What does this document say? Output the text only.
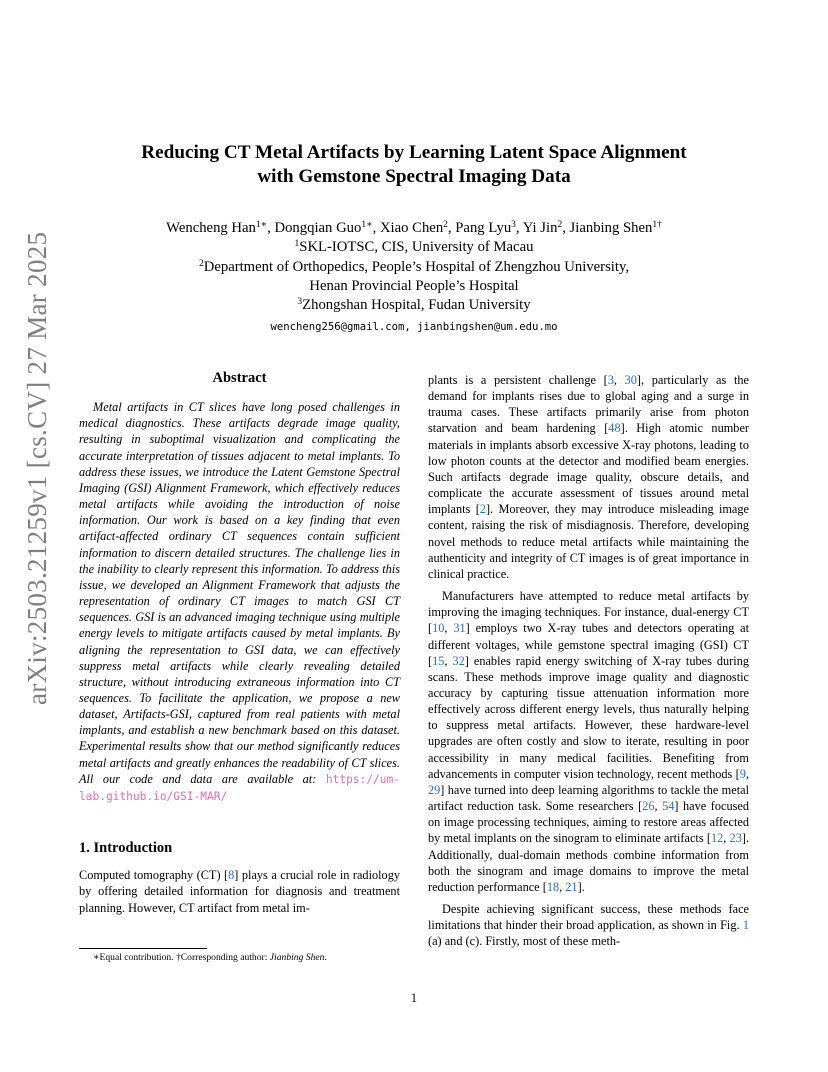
arXiv:2503.21259v1 [cs.CV] 27 Mar 2025
Reducing CT Metal Artifacts by Learning Latent Space Alignment
with Gemstone Spectral Imaging Data
Wencheng Han$^{1∗}$, Dongqian Guo$^{1∗}$, Xiao Chen$^2$, Pang Lyu$^3$, Yi Jin$^2$, Jianbing Shen$^{1\dagger}$
$^1$SKL-IOTSC, CIS, University of Macau
$^2$Department of Orthopedics, People’s Hospital of Zhengzhou University,
Henan Provincial People’s Hospital
$^3$Zhongshan Hospital, Fudan University
wencheng256@gmail.com, jianbingshen@um.edu.mo
Abstract

Metal artifacts in CT slices have long posed challenges in medical diagnostics. These artifacts degrade image quality, resulting in suboptimal visualization and complicating the accurate interpretation of tissues adjacent to metal implants. To address these issues, we introduce the Latent Gemstone Spectral Imaging (GSI) Alignment Framework, which effectively reduces metal artifacts while avoiding the introduction of noise information. Our work is based on a key finding that even artifact-affected ordinary CT sequences contain sufficient information to discern detailed structures. The challenge lies in the inability to clearly represent this information. To address this issue, we developed an Alignment Framework that adjusts the representation of ordinary CT images to match GSI CT sequences. GSI is an advanced imaging technique using multiple energy levels to mitigate artifacts caused by metal implants. By aligning the representation to GSI data, we can effectively suppress metal artifacts while clearly revealing detailed structure, without introducing extraneous information into CT sequences. To facilitate the application, we propose a new dataset, Artifacts-GSI, captured from real patients with metal implants, and establish a new benchmark based on this dataset. Experimental results show that our method significantly reduces metal artifacts and greatly enhances the readability of CT slices. All our code and data are available at: https://um-lab.github.io/GSI-MAR/

1. Introduction

Computed tomography (CT) [8] plays a crucial role in radiology by offering detailed information for diagnosis and treatment planning. However, CT artifact from metal im-

plants is a persistent challenge [3, 30], particularly as the demand for implants rises due to global aging and a surge in trauma cases. These artifacts primarily arise from photon starvation and beam hardening [48]. High atomic number materials in implants absorb excessive X-ray photons, leading to low photon counts at the detector and modified beam energies. Such artifacts degrade image quality, obscure details, and complicate the accurate assessment of tissues around metal implants [2]. Moreover, they may introduce misleading image content, raising the risk of misdiagnosis. Therefore, developing novel methods to reduce metal artifacts while maintaining the authenticity and integrity of CT images is of great importance in clinical practice.

Manufacturers have attempted to reduce metal artifacts by improving the imaging techniques. For instance, dual-energy CT [10, 31] employs two X-ray tubes and detectors operating at different voltages, while gemstone spectral imaging (GSI) CT [15, 32] enables rapid energy switching of X-ray tubes during scans. These methods improve image quality and diagnostic accuracy by capturing tissue attenuation information more effectively across different energy levels, thus naturally helping to suppress metal artifacts. However, these hardware-level upgrades are often costly and slow to iterate, resulting in poor accessibility in many medical facilities. Benefiting from advancements in computer vision technology, recent methods [9, 29] have turned into deep learning algorithms to tackle the metal artifact reduction task. Some researchers [26, 54] have focused on image processing techniques, aiming to restore areas affected by metal implants on the sinogram to eliminate artifacts [12, 23]. Additionally, dual-domain methods combine information from both the sinogram and image domains to improve the metal reduction performance [18, 21].

Despite achieving significant success, these methods face limitations that hinder their broad application, as shown in Fig. 1 (a) and (c). Firstly, most of these meth-

∗Equal contribution. †Corresponding author: Jianbing Shen.
1
